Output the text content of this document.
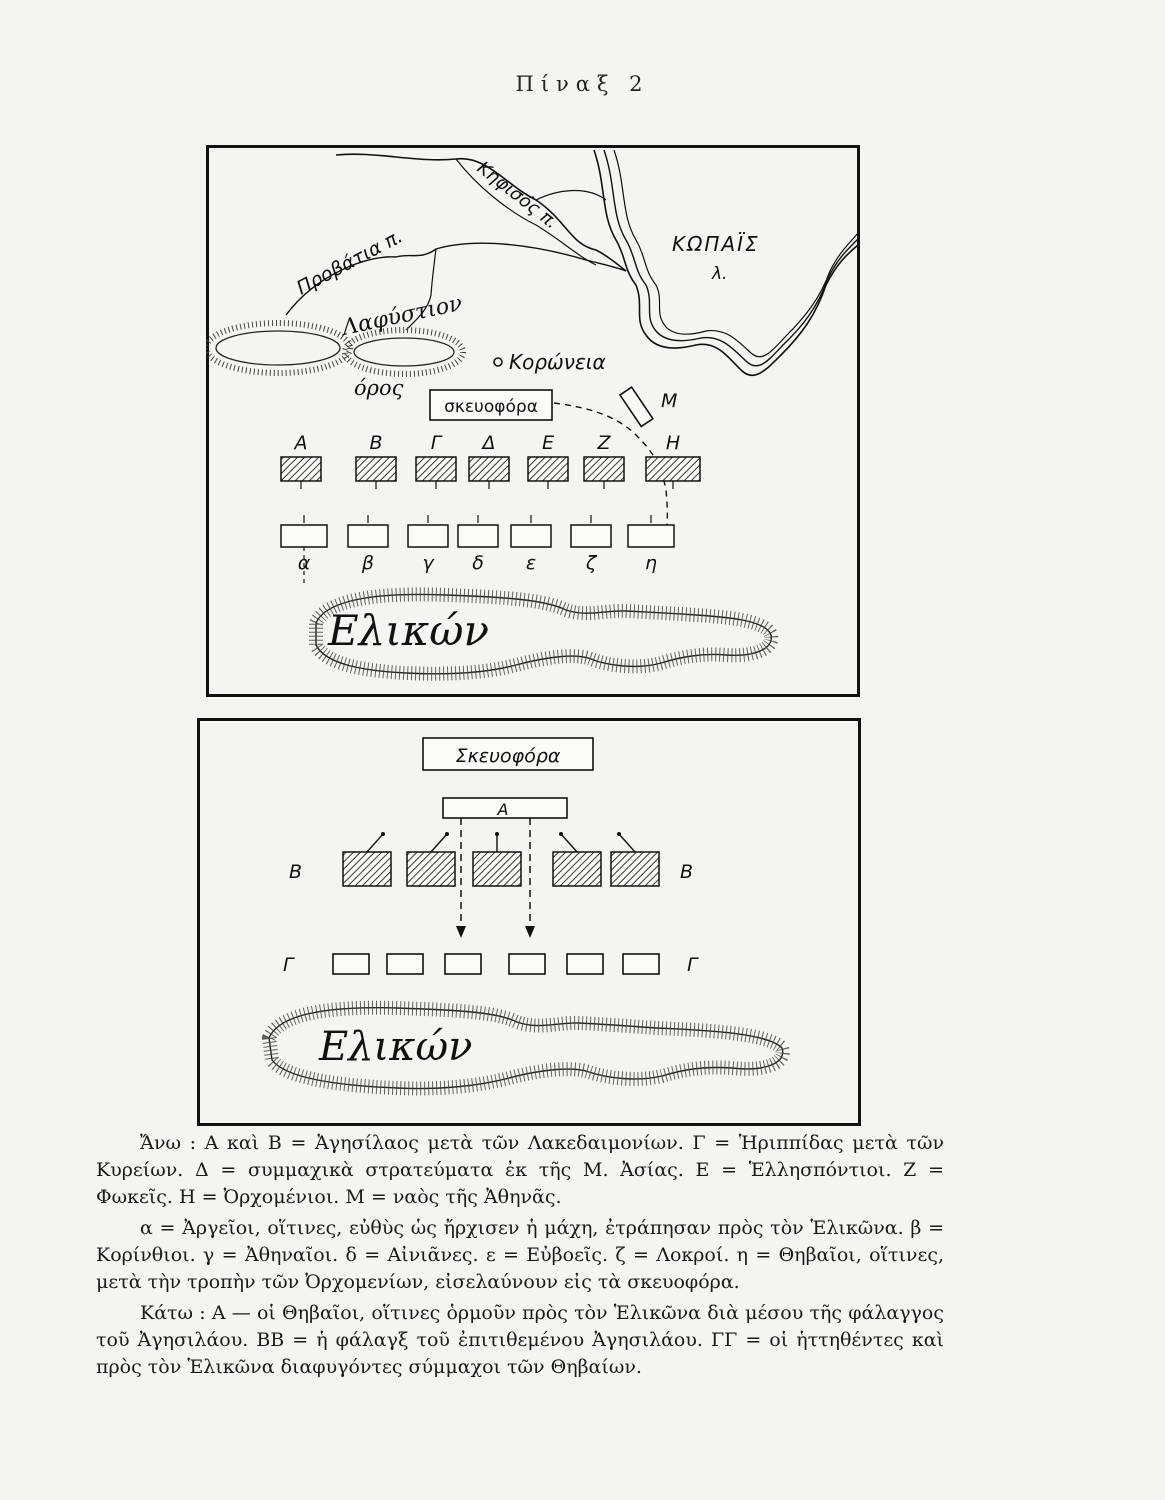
Πίναξ 2
Κηφισός π.
Προβάτια π.	ΚΩΠΑΪΣ
λ.
Λαφύστιον
όρος
Κορώνεια
σκευοφόρα	Μ
Ελικών
Α	Β	Γ Δ Ε Ζ	Η
α	β	γ δ ε	ζ	η
Σκευοφόρα
Α
Β	Β
Γ	Γ
Ελικών

Ἄνω : Α καὶ Β = Ἀγησίλαος μετὰ τῶν Λακεδαιμονίων. Γ = Ἡριππίδας μετὰ τῶν Κυρείων. Δ = συμμαχικὰ στρατεύματα ἐκ τῆς Μ. Ἀσίας. Ε = Ἑλλησπόντιοι. Ζ = Φωκεῖς. Η = Ὀρχομένιοι. Μ = ναὸς τῆς Ἀθηνᾶς.

α = Ἀργεῖοι, οἵτινες, εὐθὺς ὡς ἤρχισεν ἡ μάχη, ἐτράπησαν πρὸς τὸν Ἑλικῶνα. β = Κορίνθιοι. γ = Ἀθηναῖοι. δ = Αἰνιᾶνες. ε = Εὐβοεῖς. ζ = Λοκροί. η = Θηβαῖοι, οἵτινες, μετὰ τὴν τροπὴν τῶν Ὀρχομενίων, εἰσελαύνουν εἰς τὰ σκευοφόρα.

Κάτω : Α — οἱ Θηβαῖοι, οἵτινες ὁρμοῦν πρὸς τὸν Ἑλικῶνα διὰ μέσου τῆς φάλαγγος τοῦ Ἀγησιλάου. ΒΒ = ἡ φάλαγξ τοῦ ἐπιτιθεμένου Ἀγησιλάου. ΓΓ = οἱ ἡττηθέντες καὶ πρὸς τὸν Ἑλικῶνα διαφυγόντες σύμμαχοι τῶν Θηβαίων.
